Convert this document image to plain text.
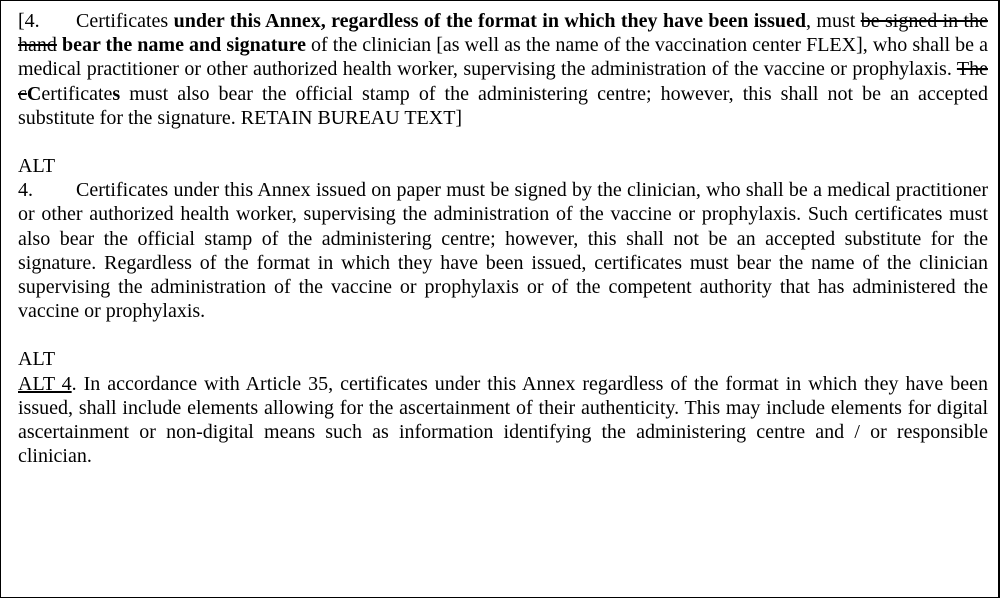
[4. Certificates under this Annex, regardless of the format in which they have been issued, must be signed in the hand bear the name and signature of the clinician [as well as the name of the vaccination center FLEX], who shall be a medical practitioner or other authorized health worker, supervising the administration of the vaccine or prophylaxis. The cCertificates must also bear the official stamp of the administering centre; however, this shall not be an accepted substitute for the signature. RETAIN BUREAU TEXT]

ALT

4. Certificates under this Annex issued on paper must be signed by the clinician, who shall be a medical practitioner or other authorized health worker, supervising the administration of the vaccine or prophylaxis. Such certificates must also bear the official stamp of the administering centre; however, this shall not be an accepted substitute for the signature. Regardless of the format in which they have been issued, certificates must bear the name of the clinician supervising the administration of the vaccine or prophylaxis or of the competent authority that has administered the vaccine or prophylaxis.

ALT

ALT 4. In accordance with Article 35, certificates under this Annex regardless of the format in which they have been issued, shall include elements allowing for the ascertainment of their authenticity. This may include elements for digital ascertainment or non-digital means such as information identifying the administering centre and / or responsible clinician.
